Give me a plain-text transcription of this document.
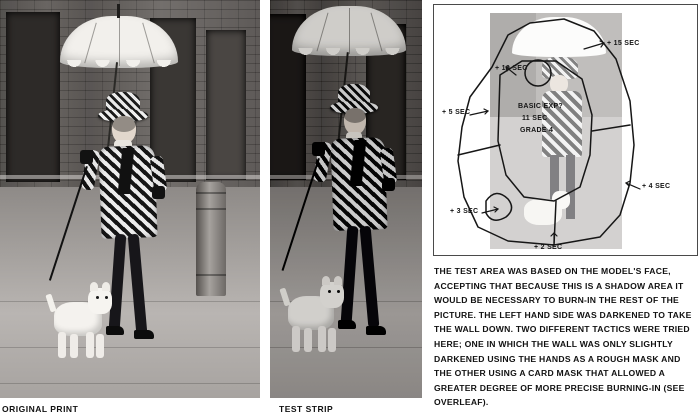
+ 15 SEC
+ 10 SEC
+ 5 SEC
BASIC EXP?
11 SEC
GRADE 4
+ 4 SEC
+ 3 SEC
+ 2 SEC

THE TEST AREA WAS BASED ON THE MODEL'S FACE, ACCEPTING THAT BECAUSE THIS IS A SHADOW AREA IT WOULD BE NECESSARY TO BURN-IN THE REST OF THE PICTURE. THE LEFT HAND SIDE WAS DARKENED TO TAKE THE WALL DOWN. TWO DIFFERENT TACTICS WERE TRIED HERE; ONE IN WHICH THE WALL WAS ONLY SLIGHTLY DARKENED USING THE HANDS AS A ROUGH MASK AND THE OTHER USING A CARD MASK THAT ALLOWED A GREATER DEGREE OF MORE PRECISE BURNING-IN (SEE OVERLEAF).

ORIGINAL PRINT	TEST STRIP
